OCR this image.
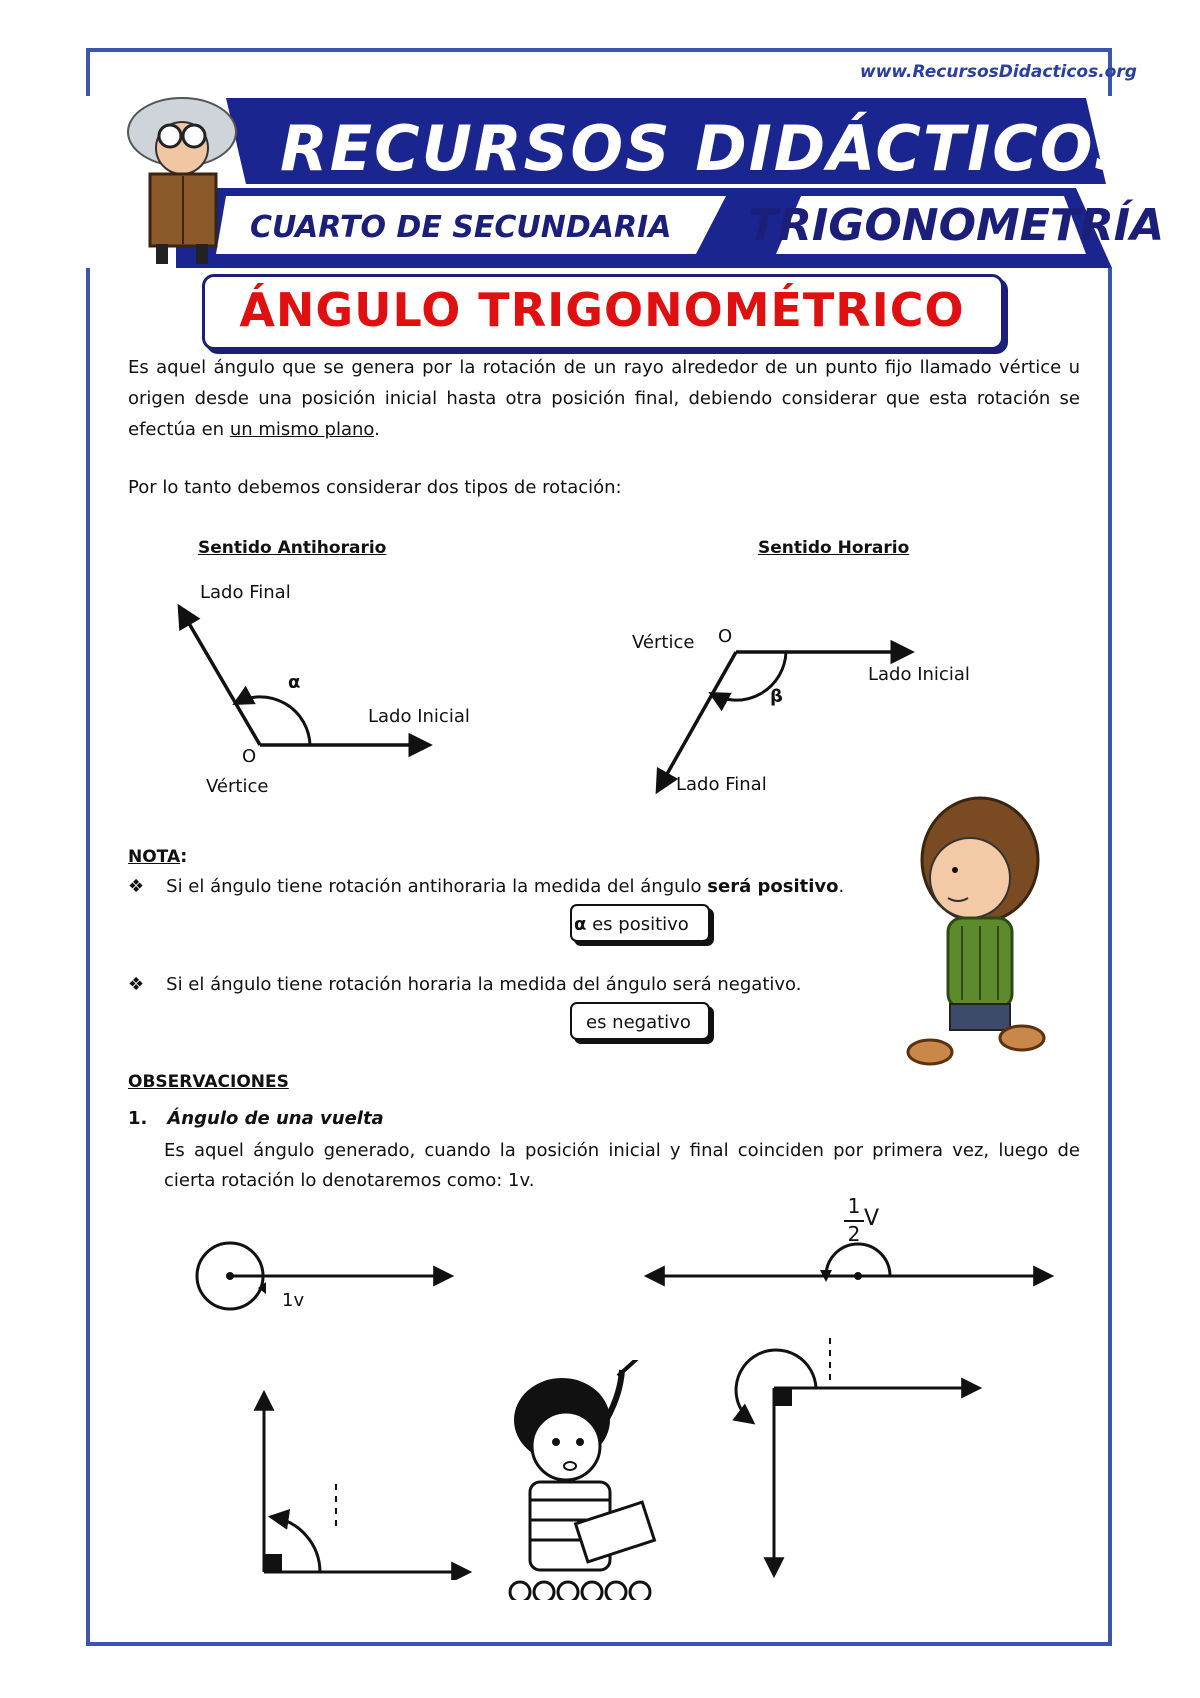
www.RecursosDidacticos.org
RECURSOS DIDÁCTICOS
CUARTO DE SECUNDARIA TRIGONOMETRÍA
ÁNGULO TRIGONOMÉTRICO
Es aquel ángulo que se genera por la rotación de un rayo alrededor de un punto fijo llamado vértice u origen desde una posición inicial hasta otra posición final, debiendo considerar que esta rotación se efectúa en un mismo plano.
Por lo tanto debemos considerar dos tipos de rotación:
Sentido Antihorario	Sentido Horario
Lado Final
Lado Inicial
O
Vértice
α
Vértice O
Lado Inicial
Lado Final
β
NOTA:
❖ Si el ángulo tiene rotación antihoraria la medida del ángulo será positivo.
α es positivo
❖ Si el ángulo tiene rotación horaria la medida del ángulo será negativo.
es negativo
OBSERVACIONES
1. Ángulo de una vuelta
Es aquel ángulo generado, cuando la posición inicial y final coinciden por primera vez, luego de cierta rotación lo denotaremos como: 1v.
1v
1
2
V
